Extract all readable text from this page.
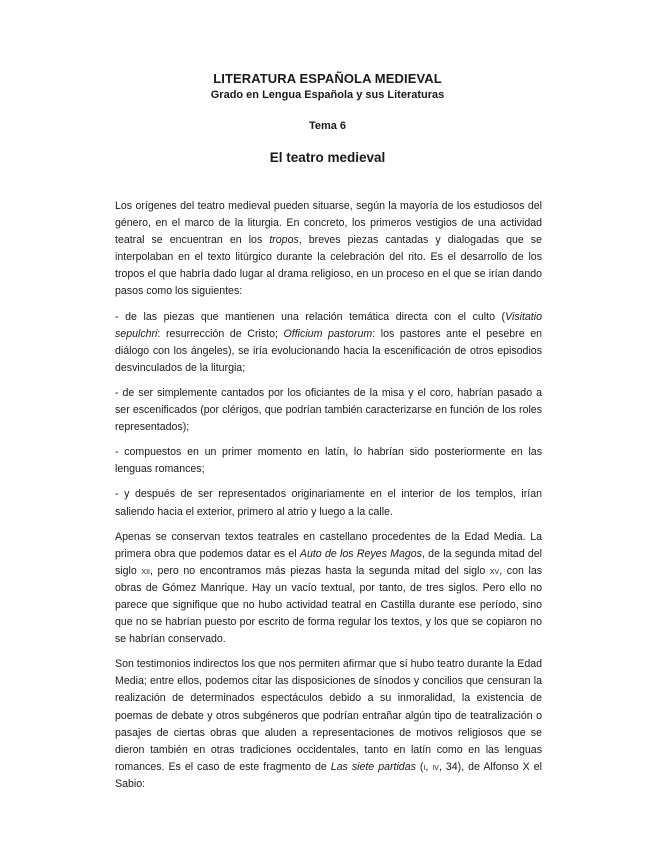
LITERATURA ESPAÑOLA MEDIEVAL
Grado en Lengua Española y sus Literaturas
Tema 6
El teatro medieval

Los orígenes del teatro medieval pueden situarse, según la mayoría de los estudiosos del género, en el marco de la liturgia. En concreto, los primeros vestigios de una actividad teatral se encuentran en los tropos, breves piezas cantadas y dialogadas que se interpolaban en el texto litúrgico durante la celebración del rito. Es el desarrollo de los tropos el que habría dado lugar al drama religioso, en un proceso en el que se irían dando pasos como los siguientes:

- de las piezas que mantienen una relación temática directa con el culto (Visitatio sepulchri: resurrección de Cristo; Officium pastorum: los pastores ante el pesebre en diálogo con los ángeles), se iría evolucionando hacia la escenificación de otros episodios desvinculados de la liturgia;

- de ser simplemente cantados por los oficiantes de la misa y el coro, habrían pasado a ser escenificados (por clérigos, que podrían también caracterizarse en función de los roles representados);

- compuestos en un primer momento en latín, lo habrían sido posteriormente en las lenguas romances;

- y después de ser representados originariamente en el interior de los templos, irían saliendo hacia el exterior, primero al atrio y luego a la calle.

Apenas se conservan textos teatrales en castellano procedentes de la Edad Media. La primera obra que podemos datar es el Auto de los Reyes Magos, de la segunda mitad del siglo xii, pero no encontramos más piezas hasta la segunda mitad del siglo xv, con las obras de Gómez Manrique. Hay un vacío textual, por tanto, de tres siglos. Pero ello no parece que signifique que no hubo actividad teatral en Castilla durante ese período, sino que no se habrían puesto por escrito de forma regular los textos, y los que se copiaron no se habrían conservado.

Son testimonios indirectos los que nos permiten afirmar que sí hubo teatro durante la Edad Media; entre ellos, podemos citar las disposiciones de sínodos y concilios que censuran la realización de determinados espectáculos debido a su inmoralidad, la existencia de poemas de debate y otros subgéneros que podrían entrañar algún tipo de teatralización o pasajes de ciertas obras que aluden a representaciones de motivos religiosos que se dieron también en otras tradiciones occidentales, tanto en latín como en las lenguas romances. Es el caso de este fragmento de Las siete partidas (i, iv, 34), de Alfonso X el Sabio:
